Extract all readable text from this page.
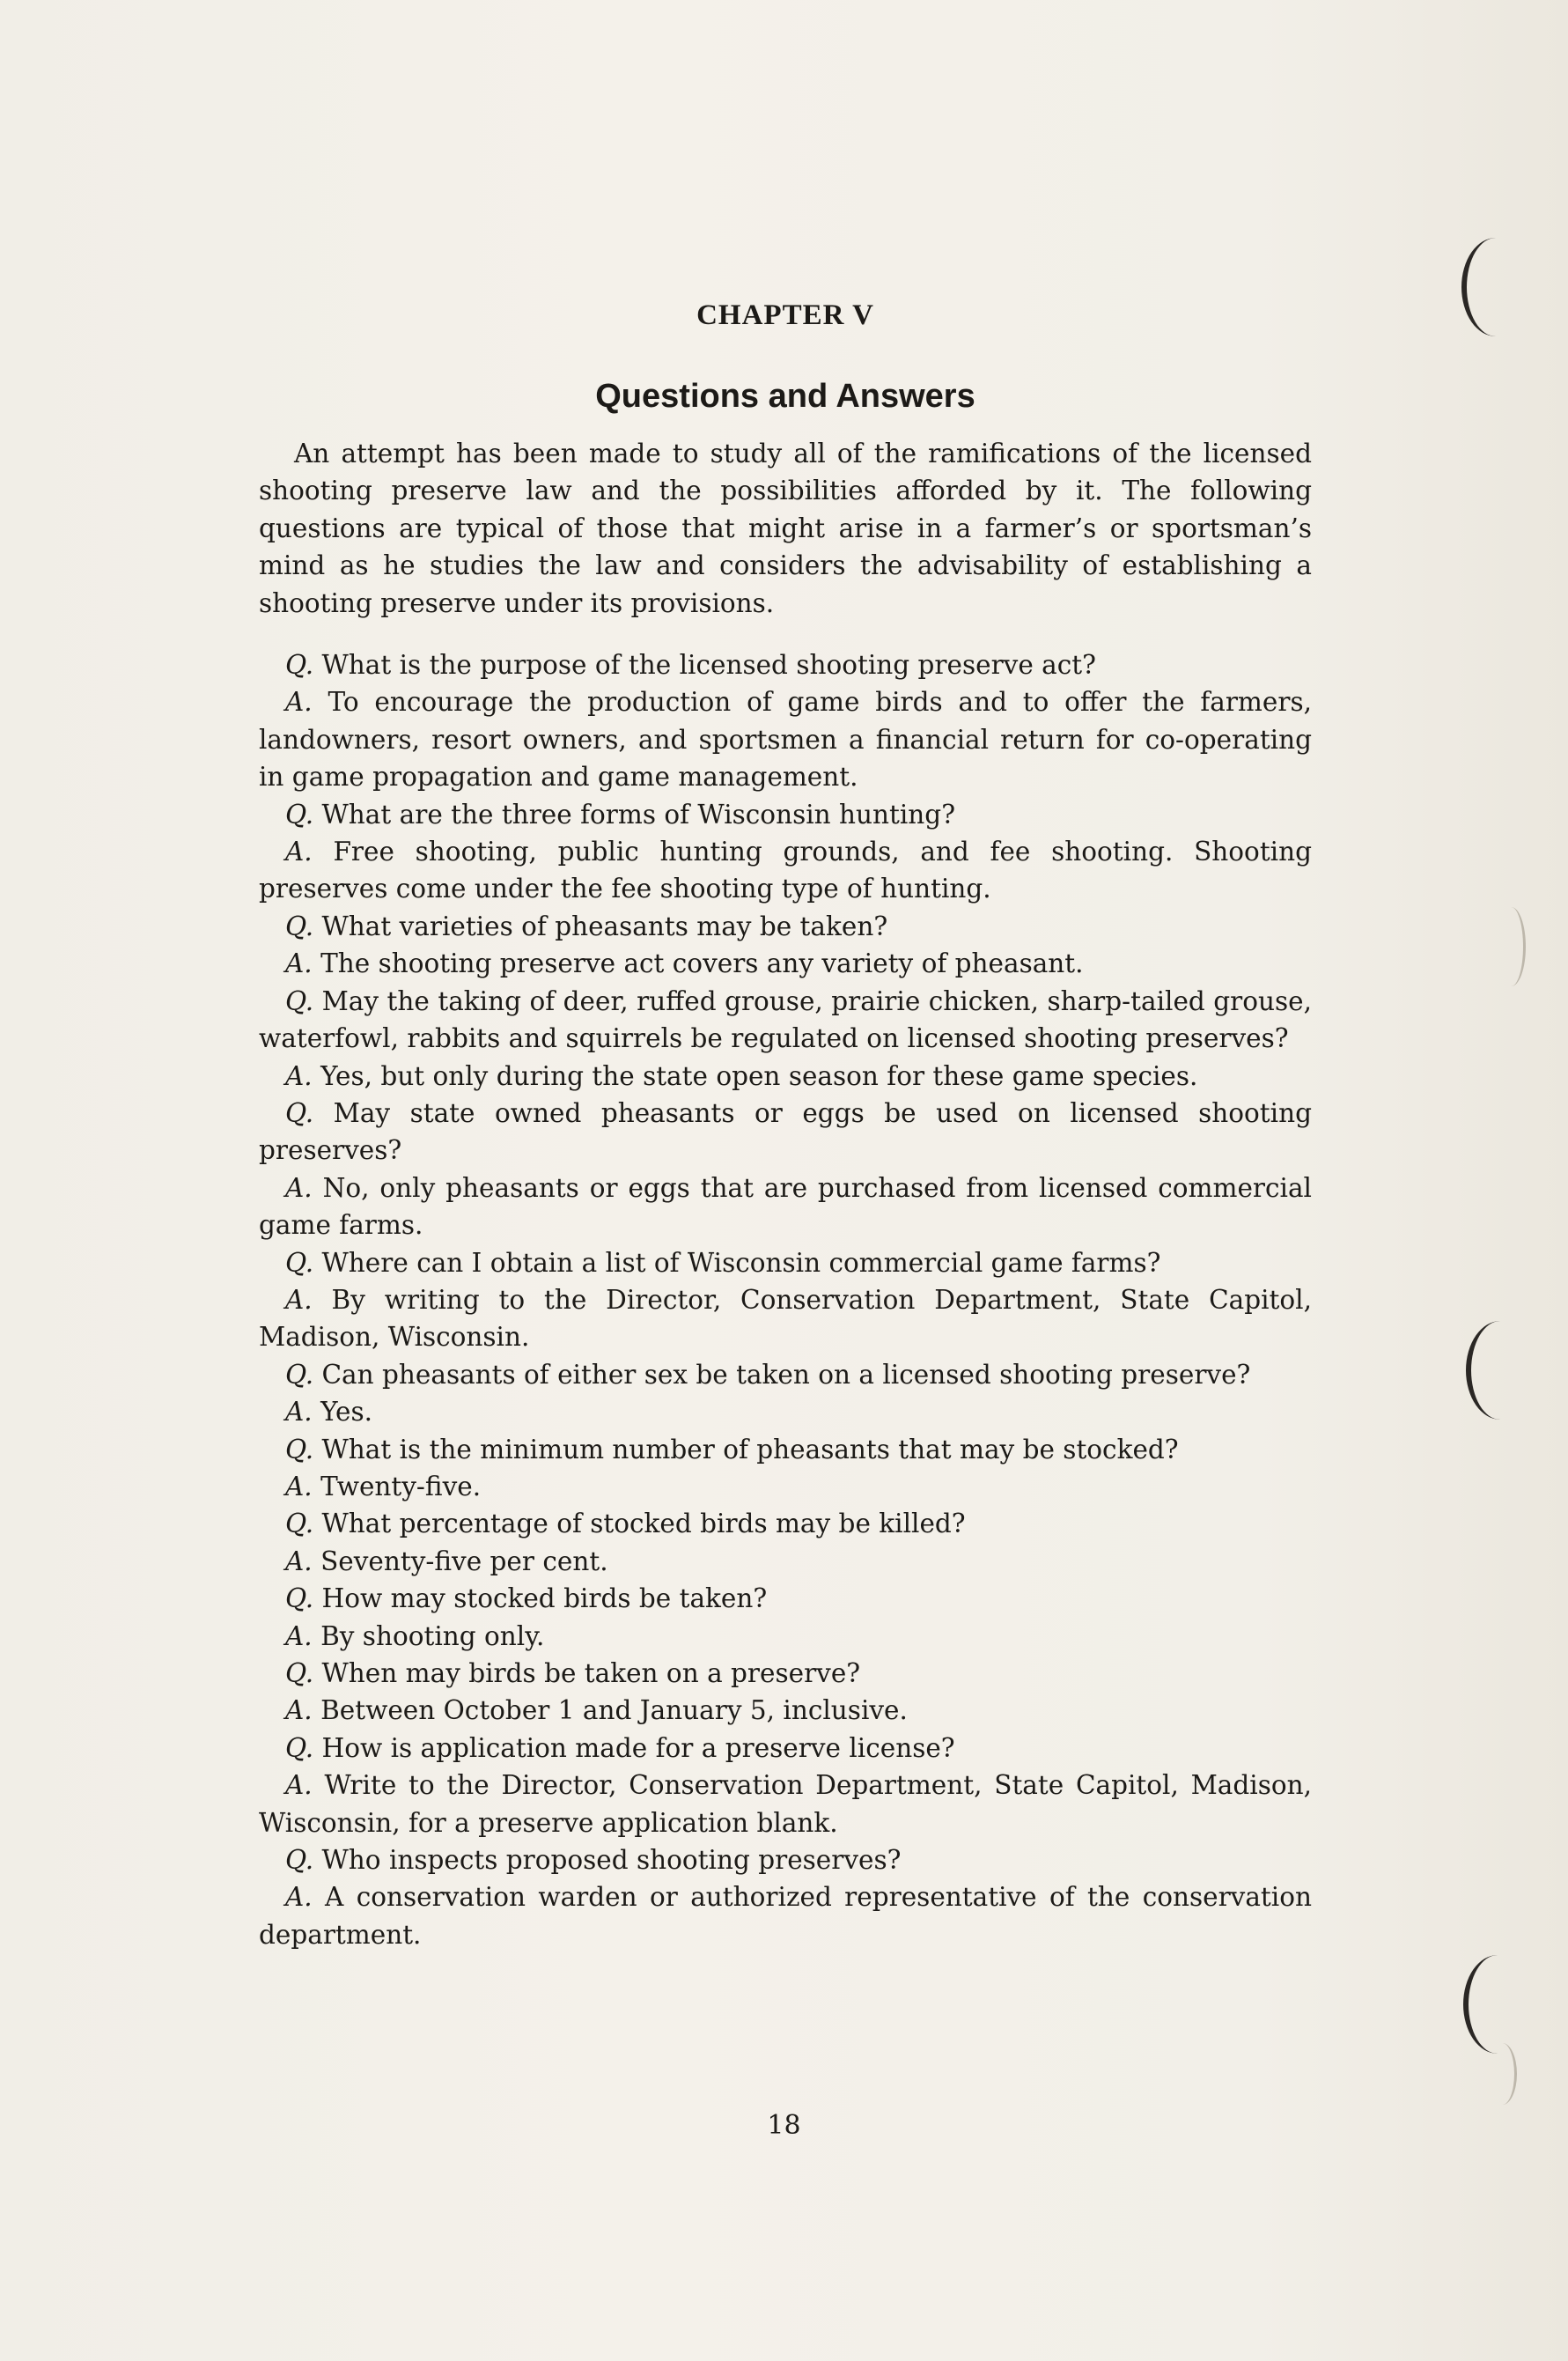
CHAPTER V
Questions and Answers

An attempt has been made to study all of the ramifications of the licensed shooting preserve law and the possibilities afforded by it. The following questions are typical of those that might arise in a farmer’s or sportsman’s mind as he studies the law and considers the advisability of establishing a shooting preserve under its provisions.

Q. What is the purpose of the licensed shooting preserve act?
A. To encourage the production of game birds and to offer the farmers, landowners, resort owners, and sportsmen a financial return for co-operating in game propagation and game management.
Q. What are the three forms of Wisconsin hunting?
A. Free shooting, public hunting grounds, and fee shooting. Shooting preserves come under the fee shooting type of hunting.
Q. What varieties of pheasants may be taken?
A. The shooting preserve act covers any variety of pheasant.
Q. May the taking of deer, ruffed grouse, prairie chicken, sharp-tailed grouse, waterfowl, rabbits and squirrels be regulated on licensed shooting preserves?
A. Yes, but only during the state open season for these game species.
Q. May state owned pheasants or eggs be used on licensed shooting preserves?
A. No, only pheasants or eggs that are purchased from licensed commercial game farms.
Q. Where can I obtain a list of Wisconsin commercial game farms?
A. By writing to the Director, Conservation Department, State Capitol, Madison, Wisconsin.
Q. Can pheasants of either sex be taken on a licensed shooting preserve?
A. Yes.
Q. What is the minimum number of pheasants that may be stocked?
A. Twenty-five.
Q. What percentage of stocked birds may be killed?
A. Seventy-five per cent.
Q. How may stocked birds be taken?
A. By shooting only.
Q. When may birds be taken on a preserve?
A. Between October 1 and January 5, inclusive.
Q. How is application made for a preserve license?
A. Write to the Director, Conservation Department, State Capitol, Madison, Wisconsin, for a preserve application blank.
Q. Who inspects proposed shooting preserves?
A. A conservation warden or authorized representative of the conservation department.
18
